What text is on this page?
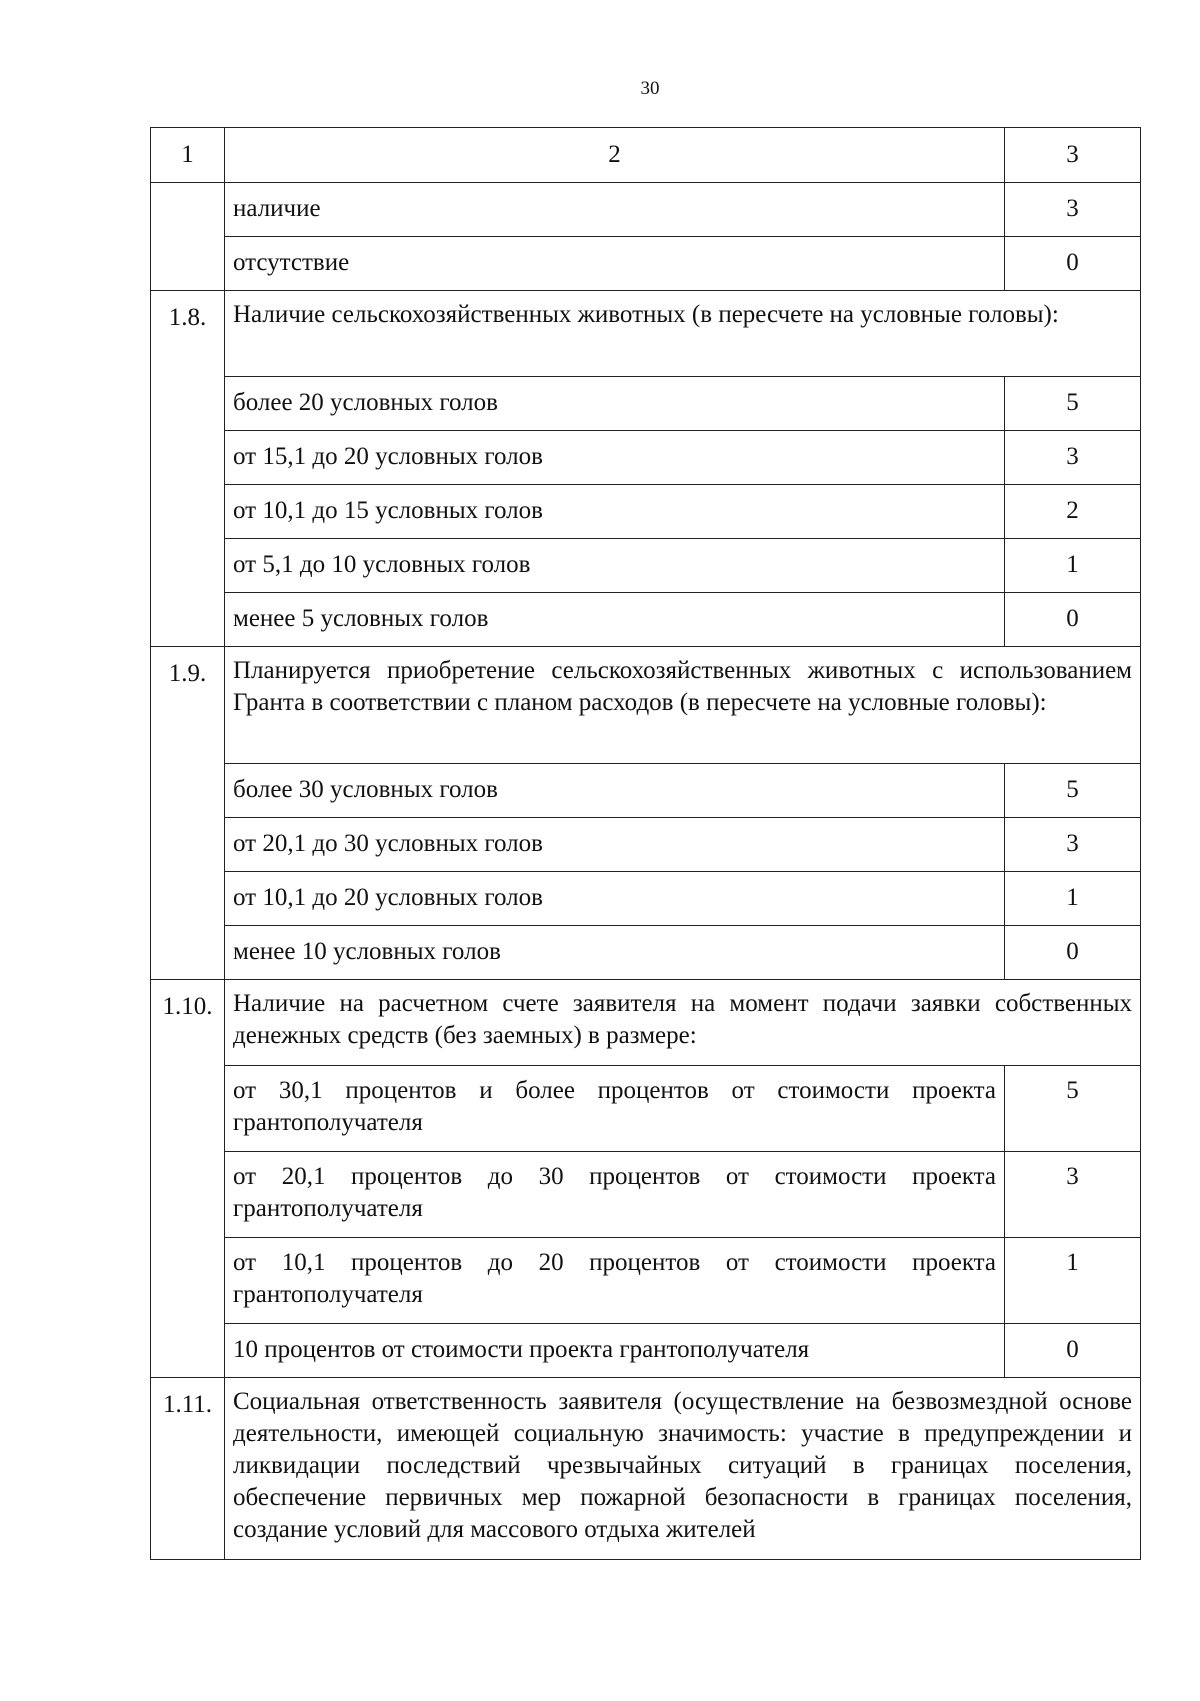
30
1	2	3
	наличие	3
	отсутствие	0
1.8.	Наличие сельскохозяйственных животных (в пересчете на условные головы):	
	более 20 условных голов	5
	от 15,1 до 20 условных голов	3
	от 10,1 до 15 условных голов	2
	от 5,1 до 10 условных голов	1
	менее 5 условных голов	0
1.9.	Планируется приобретение сельскохозяйственных животных с использованием Гранта в соответствии с планом расходов (в пересчете на условные головы):	
	более 30 условных голов	5
	от 20,1 до 30 условных голов	3
	от 10,1 до 20 условных голов	1
	менее 10 условных голов	0
1.10.	Наличие на расчетном счете заявителя на момент подачи заявки собственных денежных средств (без заемных) в размере:	
	от 30,1 процентов и более процентов от стоимости проекта грантополучателя	5
	от 20,1 процентов до 30 процентов от стоимости проекта грантополучателя	3
	от 10,1 процентов до 20 процентов от стоимости проекта грантополучателя	1
	10 процентов от стоимости проекта грантополучателя	0
1.11.	Социальная ответственность заявителя (осуществление на безвозмездной основе деятельности, имеющей социальную значимость: участие в предупреждении и ликвидации последствий чрезвычайных ситуаций в границах поселения, обеспечение первичных мер пожарной безопасности в границах поселения, создание условий для массового отдыха жителей	
